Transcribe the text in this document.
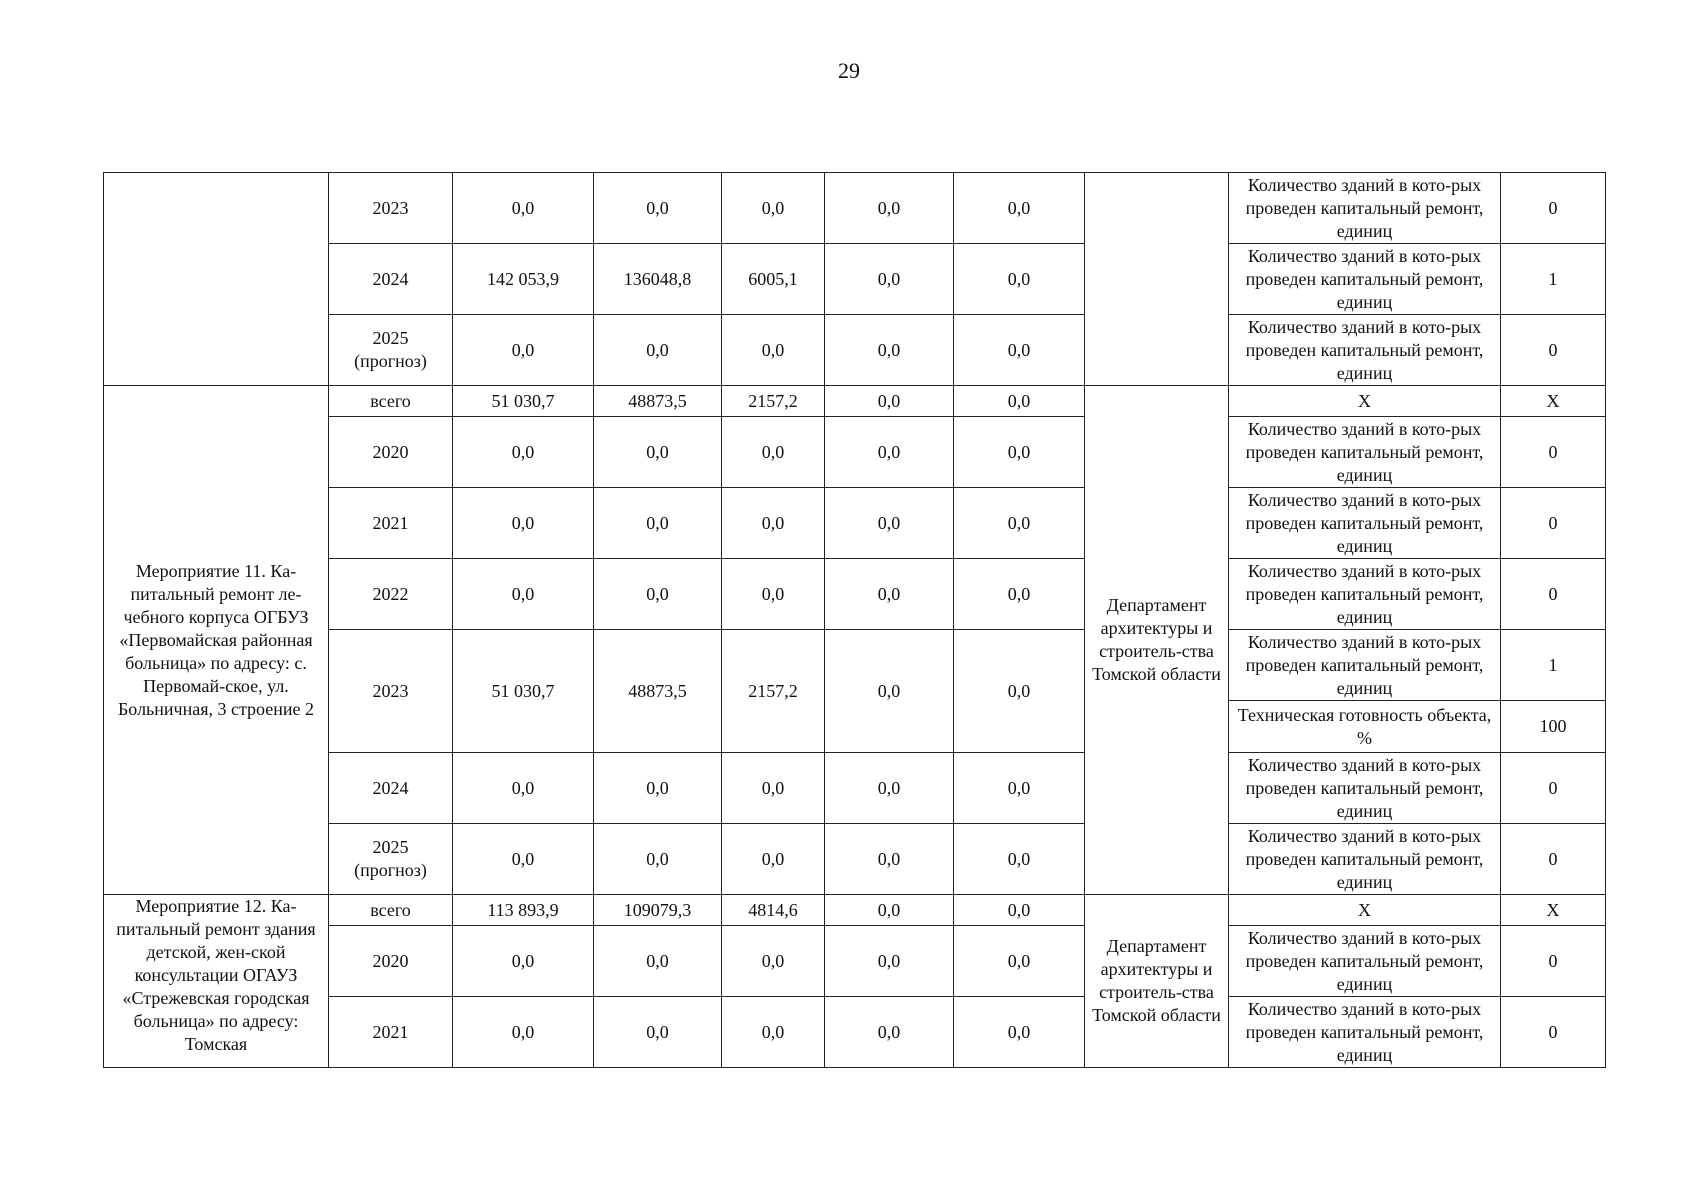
29
	2023	0,0	0,0	0,0	0,0	0,0		Количество зданий в кото-рых проведен капитальный ремонт, единиц	0
	2024	142 053,9	136048,8	6005,1	0,0	0,0		Количество зданий в кото-рых проведен капитальный ремонт, единиц	1
	2025 (прогноз)	0,0	0,0	0,0	0,0	0,0		Количество зданий в кото-рых проведен капитальный ремонт, единиц	0
Мероприятие 11. Ка-питальный ремонт ле-чебного корпуса ОГБУЗ «Первомайская районная больница» по адресу: с. Первомай-ское, ул. Больничная, 3 строение 2	всего	51 030,7	48873,5	2157,2	0,0	0,0	Департамент архитектуры и строитель-ства Томской области	Х	Х
	2020	0,0	0,0	0,0	0,0	0,0		Количество зданий в кото-рых проведен капитальный ремонт, единиц	0
	2021	0,0	0,0	0,0	0,0	0,0		Количество зданий в кото-рых проведен капитальный ремонт, единиц	0
	2022	0,0	0,0	0,0	0,0	0,0		Количество зданий в кото-рых проведен капитальный ремонт, единиц	0
	2023	51 030,7	48873,5	2157,2	0,0	0,0		Количество зданий в кото-рых проведен капитальный ремонт, единиц	1
								Техническая готовность объекта, %	100
	2024	0,0	0,0	0,0	0,0	0,0		Количество зданий в кото-рых проведен капитальный ремонт, единиц	0
	2025 (прогноз)	0,0	0,0	0,0	0,0	0,0		Количество зданий в кото-рых проведен капитальный ремонт, единиц	0
Мероприятие 12. Ка-питальный ремонт здания детской, жен-ской консультации ОГАУЗ «Стрежевская городская больница» по адресу: Томская	всего	113 893,9	109079,3	4814,6	0,0	0,0	Департамент архитектуры и строитель-ства Томской области	Х	Х
	2020	0,0	0,0	0,0	0,0	0,0		Количество зданий в кото-рых проведен капитальный ремонт, единиц	0
	2021	0,0	0,0	0,0	0,0	0,0		Количество зданий в кото-рых проведен капитальный ремонт, единиц	0
